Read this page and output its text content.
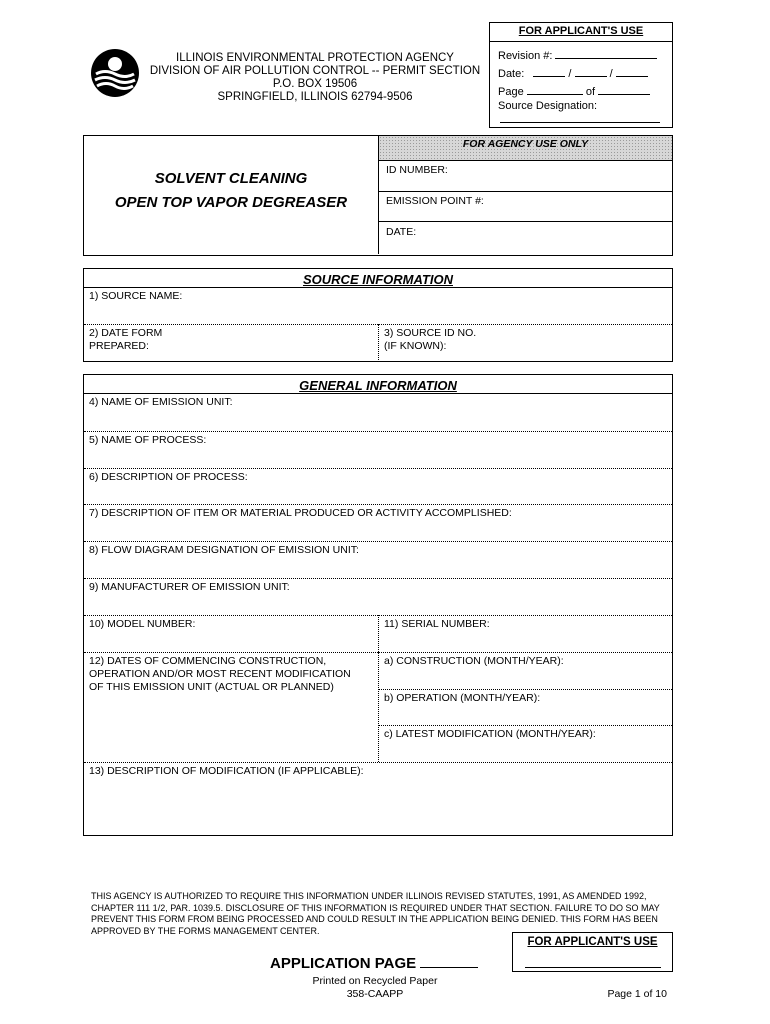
ILLINOIS ENVIRONMENTAL PROTECTION AGENCY
DIVISION OF AIR POLLUTION CONTROL -- PERMIT SECTION
P.O. BOX 19506
SPRINGFIELD, ILLINOIS 62794-9506
FOR APPLICANT'S USE
Revision #:
Date:	/	/
Page	of
Source Designation:
SOLVENT CLEANING
OPEN TOP VAPOR DEGREASER
FOR AGENCY USE ONLY
ID NUMBER:
EMISSION POINT #:
DATE:
SOURCE INFORMATION
1) SOURCE NAME:
2) DATE FORM
PREPARED:
3) SOURCE ID NO.
(IF KNOWN):
GENERAL INFORMATION
4) NAME OF EMISSION UNIT:
5) NAME OF PROCESS:
6) DESCRIPTION OF PROCESS:
7) DESCRIPTION OF ITEM OR MATERIAL PRODUCED OR ACTIVITY ACCOMPLISHED:
8) FLOW DIAGRAM DESIGNATION OF EMISSION UNIT:
9) MANUFACTURER OF EMISSION UNIT:
10) MODEL NUMBER:	11) SERIAL NUMBER:
12) DATES OF COMMENCING CONSTRUCTION,
OPERATION AND/OR MOST RECENT MODIFICATION
OF THIS EMISSION UNIT (ACTUAL OR PLANNED)
a) CONSTRUCTION (MONTH/YEAR):
b) OPERATION (MONTH/YEAR):
c) LATEST MODIFICATION (MONTH/YEAR):
13) DESCRIPTION OF MODIFICATION (IF APPLICABLE):
THIS AGENCY IS AUTHORIZED TO REQUIRE THIS INFORMATION UNDER ILLINOIS REVISED STATUTES, 1991, AS AMENDED 1992, CHAPTER 111 1/2, PAR. 1039.5. DISCLOSURE OF THIS INFORMATION IS REQUIRED UNDER THAT SECTION. FAILURE TO DO SO MAY PREVENT THIS FORM FROM BEING PROCESSED AND COULD RESULT IN THE APPLICATION BEING DENIED. THIS FORM HAS BEEN APPROVED BY THE FORMS MANAGEMENT CENTER.
FOR APPLICANT'S USE
APPLICATION PAGE
Printed on Recycled Paper
358-CAAPP	Page 1 of 10
